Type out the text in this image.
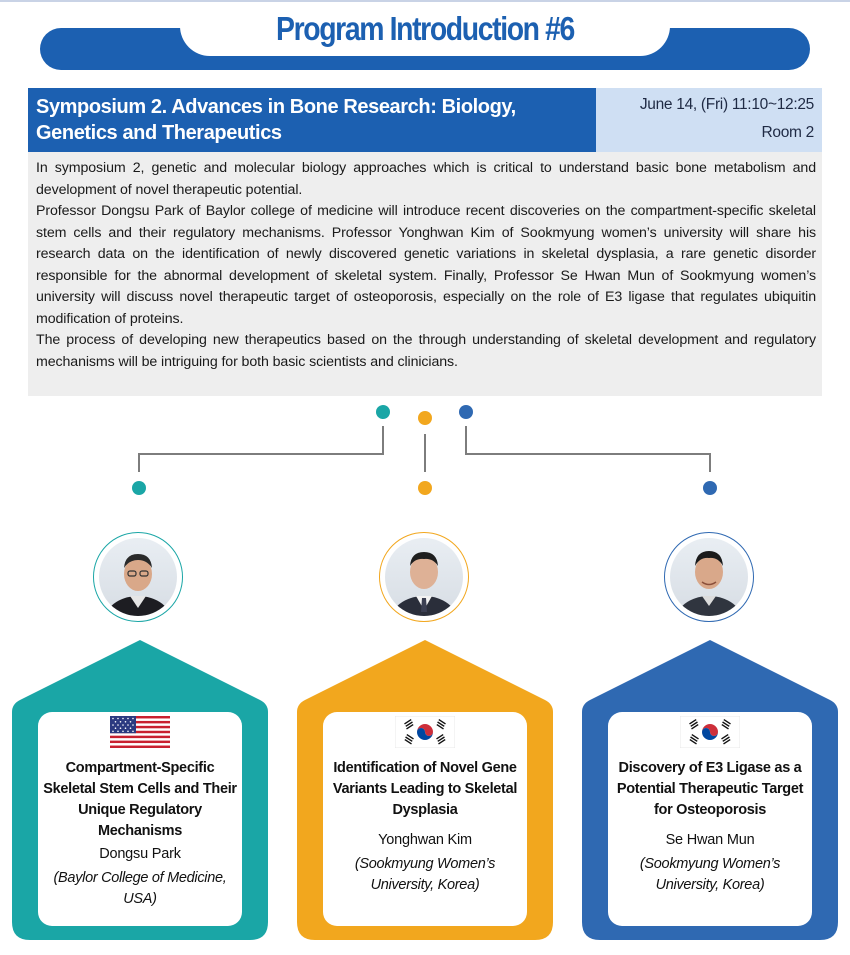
Program Introduction #6
Symposium 2. Advances in Bone Research: Biology,
Genetics and Therapeutics
June 14, (Fri) 11:10~12:25
Room 2

In symposium 2, genetic and molecular biology approaches which is critical to understand basic bone metabolism and development of novel therapeutic potential.

Professor Dongsu Park of Baylor college of medicine will introduce recent discoveries on the compartment-specific skeletal stem cells and their regulatory mechanisms. Professor Yonghwan Kim of Sookmyung women’s university will share his research data on the identification of newly discovered genetic variations in skeletal dysplasia, a rare genetic disorder responsible for the abnormal development of skeletal system. Finally, Professor Se Hwan Mun of Sookmyung women’s university will discuss novel therapeutic target of osteoporosis, especially on the role of E3 ligase that regulates ubiquitin modification of proteins.

The process of developing new therapeutics based on the through understanding of skeletal development and regulatory mechanisms will be intriguing for both basic scientists and clinicians.

Compartment-Specific Skeletal Stem Cells and Their Unique Regulatory Mechanisms
Dongsu Park
(Baylor College of Medicine, USA)
Identification of Novel Gene Variants Leading to Skeletal Dysplasia
Yonghwan Kim
(Sookmyung Women’s University, Korea)
Discovery of E3 Ligase as a Potential Therapeutic Target for Osteoporosis
Se Hwan Mun
(Sookmyung Women’s University, Korea)
